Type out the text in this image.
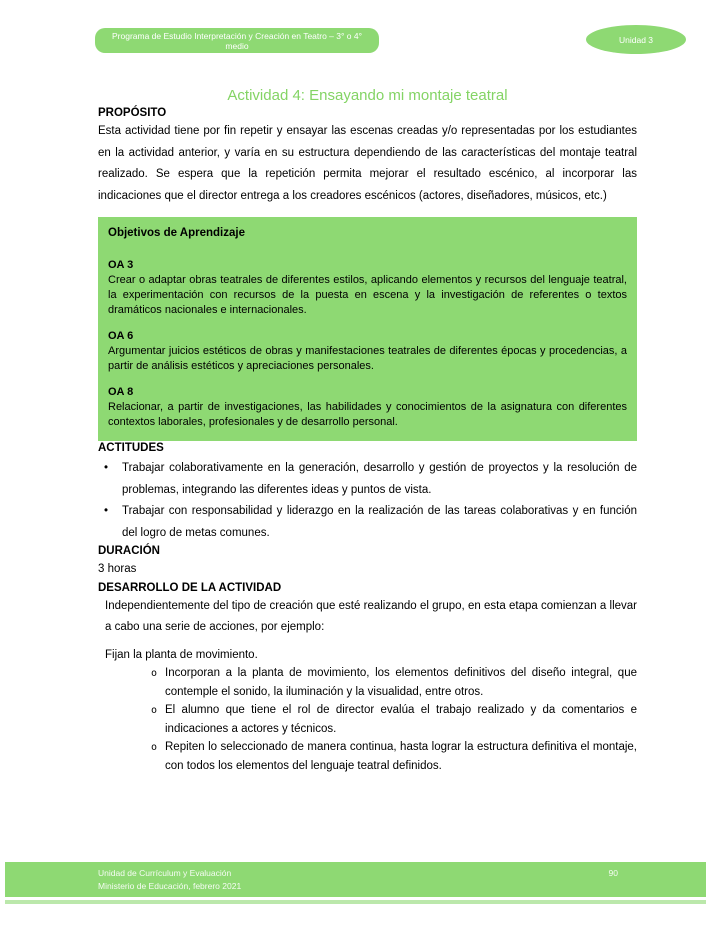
Programa de Estudio Interpretación y Creación en Teatro – 3° o 4° medio
Unidad 3
Actividad 4: Ensayando mi montaje teatral
PROPÓSITO

Esta actividad tiene por fin repetir y ensayar las escenas creadas y/o representadas por los estudiantes en la actividad anterior, y varía en su estructura dependiendo de las características del montaje teatral realizado. Se espera que la repetición permita mejorar el resultado escénico, al incorporar las indicaciones que el director entrega a los creadores escénicos (actores, diseñadores, músicos, etc.)

Objetivos de Aprendizaje
OA 3

Crear o adaptar obras teatrales de diferentes estilos, aplicando elementos y recursos del lenguaje teatral, la experimentación con recursos de la puesta en escena y la investigación de referentes o textos dramáticos nacionales e internacionales.

OA 6

Argumentar juicios estéticos de obras y manifestaciones teatrales de diferentes épocas y procedencias, a partir de análisis estéticos y apreciaciones personales.

OA 8

Relacionar, a partir de investigaciones, las habilidades y conocimientos de la asignatura con diferentes contextos laborales, profesionales y de desarrollo personal.

ACTITUDES
• Trabajar colaborativamente en la generación, desarrollo y gestión de proyectos y la resolución de problemas, integrando las diferentes ideas y puntos de vista.
• Trabajar con responsabilidad y liderazgo en la realización de las tareas colaborativas y en función del logro de metas comunes.
DURACIÓN

3 horas

DESARROLLO DE LA ACTIVIDAD

Independientemente del tipo de creación que esté realizando el grupo, en esta etapa comienzan a llevar a cabo una serie de acciones, por ejemplo:

Fijan la planta de movimiento.

o Incorporan a la planta de movimiento, los elementos definitivos del diseño integral, que contemple el sonido, la iluminación y la visualidad, entre otros.
o El alumno que tiene el rol de director evalúa el trabajo realizado y da comentarios e indicaciones a actores y técnicos.
o Repiten lo seleccionado de manera continua, hasta lograr la estructura definitiva el montaje, con todos los elementos del lenguaje teatral definidos.
Unidad de Currículum y Evaluación
Ministerio de Educación, febrero 2021
90
